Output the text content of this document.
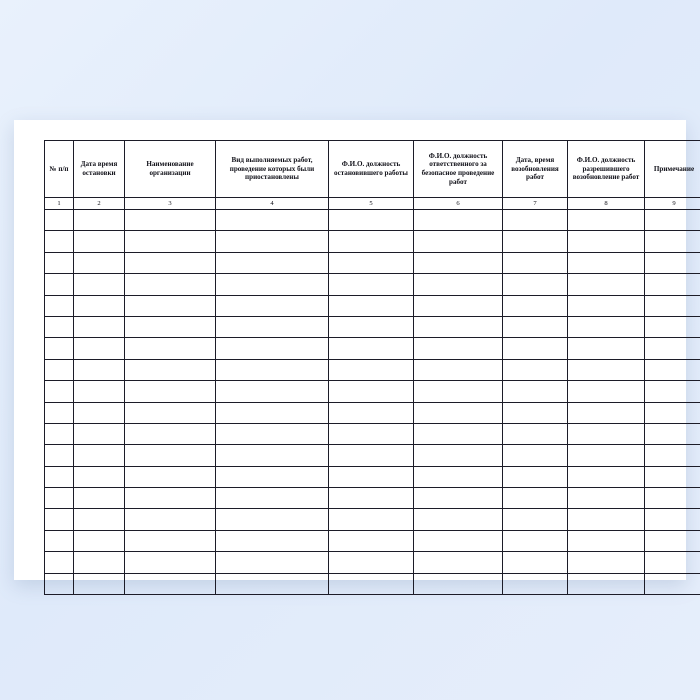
№ п/п	Дата время остановки	Наименование организации	Вид выполняемых работ, проведение которых были приостановлены	Ф.И.О. должность остановившего работы	Ф.И.О. должность ответственного за безопасное проведение работ	Дата, время возобновления работ	Ф.И.О. должность разрешившего возобновление работ	Примечание
1	2	3	4	5	6	7	8	9
